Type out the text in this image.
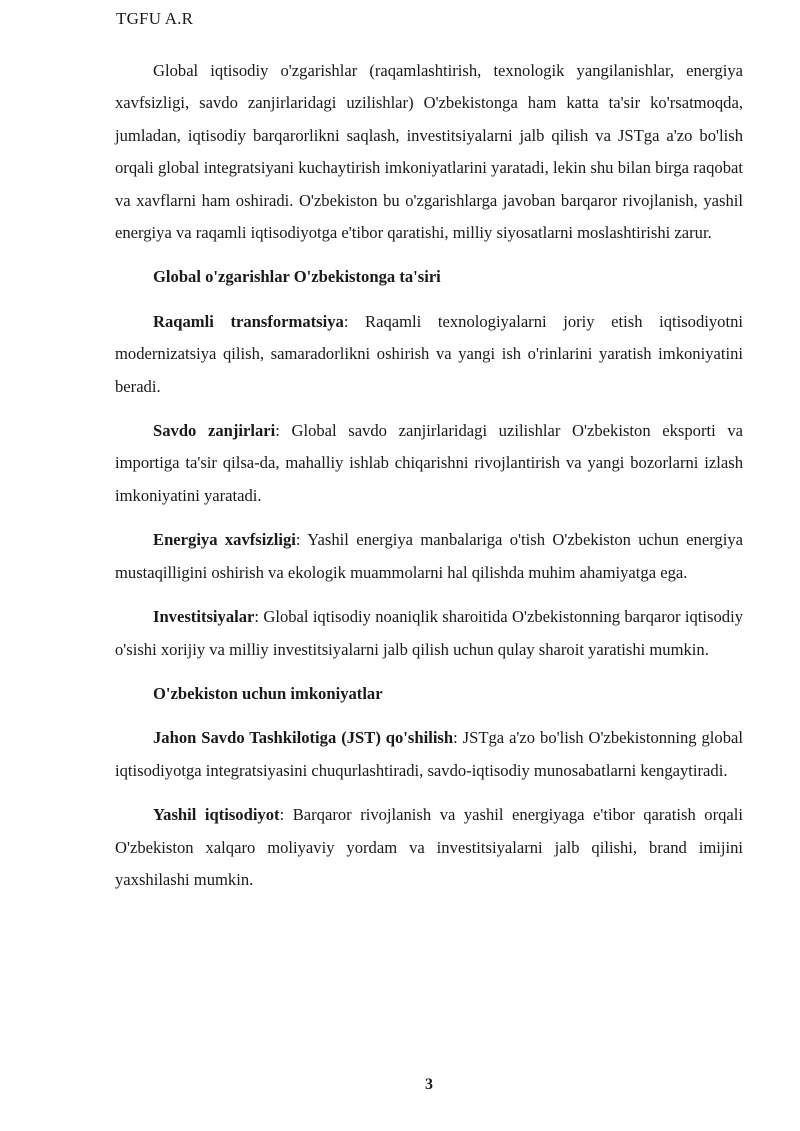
TGFU A.R

Global iqtisodiy o'zgarishlar (raqamlashtirish, texnologik yangilanishlar, energiya xavfsizligi, savdo zanjirlaridagi uzilishlar) O'zbekistonga ham katta ta'sir ko'rsatmoqda, jumladan, iqtisodiy barqarorlikni saqlash, investitsiyalarni jalb qilish va JSTga a'zo bo'lish orqali global integratsiyani kuchaytirish imkoniyatlarini yaratadi, lekin shu bilan birga raqobat va xavflarni ham oshiradi. O'zbekiston bu o'zgarishlarga javoban barqaror rivojlanish, yashil energiya va raqamli iqtisodiyotga e'tibor qaratishi, milliy siyosatlarni moslashtirishi zarur.

Global o'zgarishlar O'zbekistonga ta'siri

Raqamli transformatsiya: Raqamli texnologiyalarni joriy etish iqtisodiyotni modernizatsiya qilish, samaradorlikni oshirish va yangi ish o'rinlarini yaratish imkoniyatini beradi.

Savdo zanjirlari: Global savdo zanjirlaridagi uzilishlar O'zbekiston eksporti va importiga ta'sir qilsa-da, mahalliy ishlab chiqarishni rivojlantirish va yangi bozorlarni izlash imkoniyatini yaratadi.

Energiya xavfsizligi: Yashil energiya manbalariga o'tish O'zbekiston uchun energiya mustaqilligini oshirish va ekologik muammolarni hal qilishda muhim ahamiyatga ega.

Investitsiyalar: Global iqtisodiy noaniqlik sharoitida O'zbekistonning barqaror iqtisodiy o'sishi xorijiy va milliy investitsiyalarni jalb qilish uchun qulay sharoit yaratishi mumkin.

O'zbekiston uchun imkoniyatlar

Jahon Savdo Tashkilotiga (JST) qo'shilish: JSTga a'zo bo'lish O'zbekistonning global iqtisodiyotga integratsiyasini chuqurlashtiradi, savdo-iqtisodiy munosabatlarni kengaytiradi.

Yashil iqtisodiyot: Barqaror rivojlanish va yashil energiyaga e'tibor qaratish orqali O'zbekiston xalqaro moliyaviy yordam va investitsiyalarni jalb qilishi, brand imijini yaxshilashi mumkin.

3
